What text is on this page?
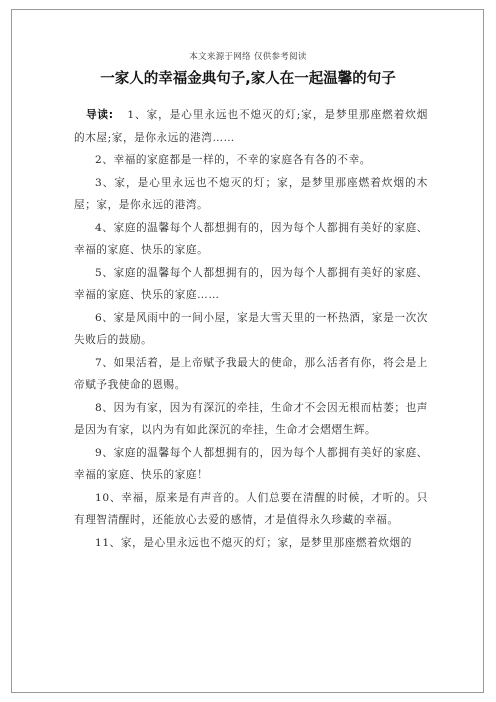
本文来源于网络 仅供参考阅读
一家人的幸福金典句子,家人在一起温馨的句子

导读: 1、家，是心里永远也不熄灭的灯;家，是梦里那座燃着炊烟的木屋;家，是你永远的港湾……

2、幸福的家庭都是一样的，不幸的家庭各有各的不幸。

3、家，是心里永远也不熄灭的灯；家，是梦里那座燃着炊烟的木屋；家，是你永远的港湾。

4、家庭的温馨每个人都想拥有的，因为每个人都拥有美好的家庭、幸福的家庭、快乐的家庭。

5、家庭的温馨每个人都想拥有的，因为每个人都拥有美好的家庭、幸福的家庭、快乐的家庭……

6、家是风雨中的一间小屋，家是大雪天里的一杯热酒，家是一次次失败后的鼓励。

7、如果活着，是上帝赋予我最大的使命，那么活者有你，将会是上帝赋予我使命的恩赐。

8、因为有家，因为有深沉的牵挂，生命才不会因无根而枯萎；也声是因为有家，以内为有如此深沉的牵挂，生命才会熠熠生辉。

9、家庭的温馨每个人都想拥有的，因为每个人都拥有美好的家庭、幸福的家庭、快乐的家庭！

10、幸福，原来是有声音的。人们总要在清醒的时候，才听的。只有理智清醒时，还能放心去爱的感情，才是值得永久珍藏的幸福。

11、家，是心里永远也不熄灭的灯；家，是梦里那座燃着炊烟的
